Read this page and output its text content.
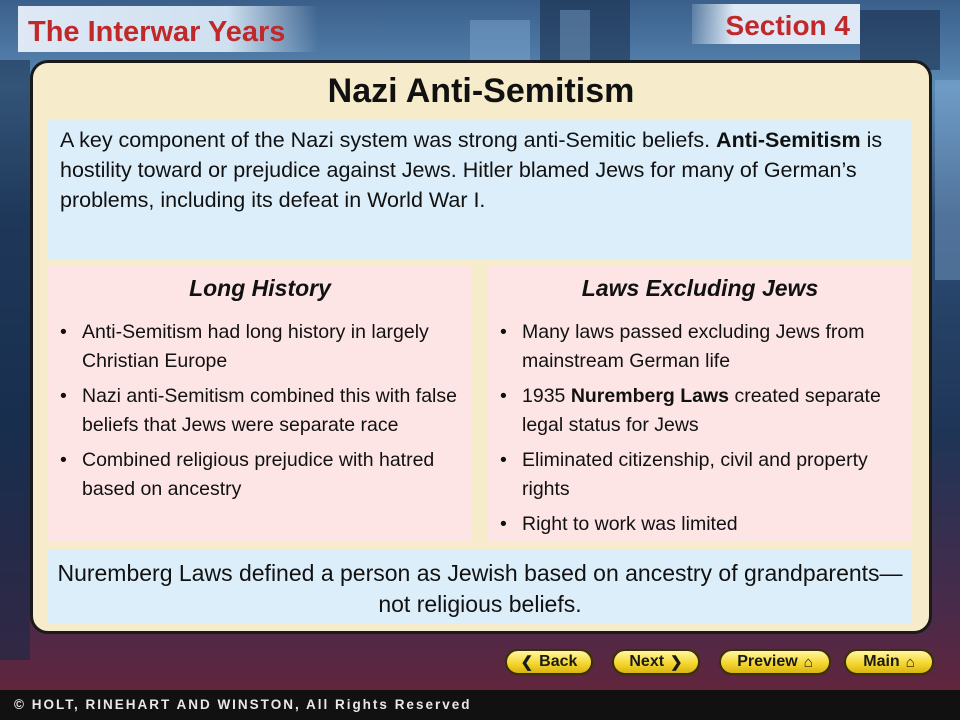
The Interwar Years	Section 4
Nazi Anti-Semitism
A key component of the Nazi system was strong anti-Semitic beliefs. Anti-Semitism is hostility toward or prejudice against Jews. Hitler blamed Jews for many of German’s problems, including its defeat in World War I.
Long History
• Anti-Semitism had long history in largely Christian Europe
• Nazi anti-Semitism combined this with false beliefs that Jews were separate race
• Combined religious prejudice with hatred based on ancestry
Laws Excluding Jews
• Many laws passed excluding Jews from mainstream German life
• 1935 Nuremberg Laws created separate legal status for Jews
• Eliminated citizenship, civil and property rights
• Right to work was limited
Nuremberg Laws defined a person as Jewish based on ancestry of grandparents—not religious beliefs.
❮ Back	Next ❯	Preview ⌂	Main ⌂
© HOLT, RINEHART AND WINSTON, All Rights Reserved
